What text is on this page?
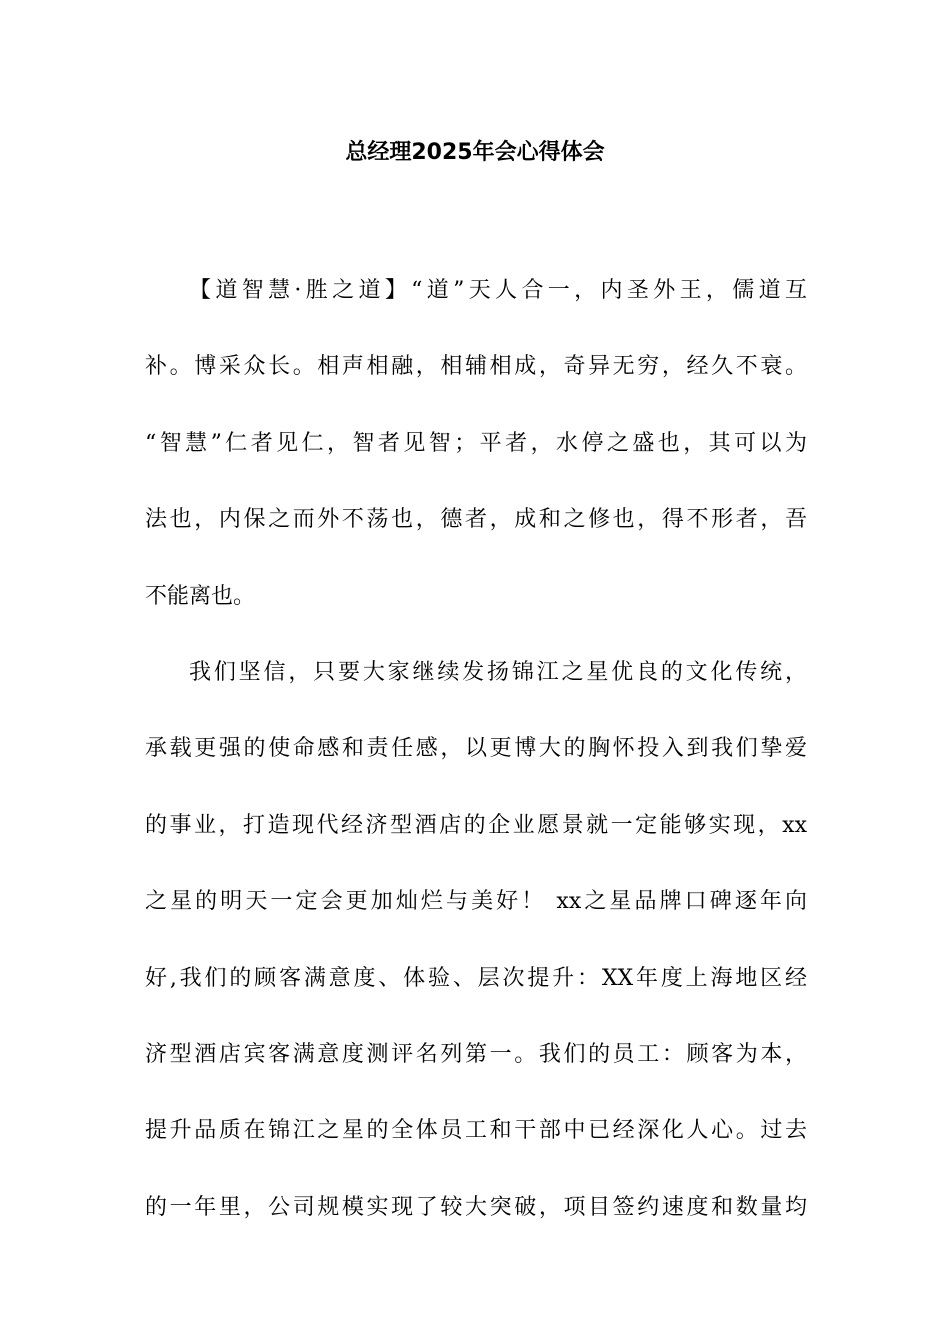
总经理2025年会心得体会
【道智慧·胜之道】“道”天人合一，内圣外王，儒道互
补。博采众长。相声相融，相辅相成，奇异无穷，经久不衰。
“智慧”仁者见仁，智者见智；平者，水停之盛也，其可以为
法也，内保之而外不荡也，德者，成和之修也，得不形者，吾
不能离也。
我们坚信，只要大家继续发扬锦江之星优良的文化传统，
承载更强的使命感和责任感，以更博大的胸怀投入到我们挚爱
的事业，打造现代经济型酒店的企业愿景就一定能够实现，xx
之星的明天一定会更加灿烂与美好！ xx之星品牌口碑逐年向
好,我们的顾客满意度、体验、层次提升：XX年度上海地区经
济型酒店宾客满意度测评名列第一。我们的员工：顾客为本，
提升品质在锦江之星的全体员工和干部中已经深化人心。过去
的一年里，公司规模实现了较大突破，项目签约速度和数量均
